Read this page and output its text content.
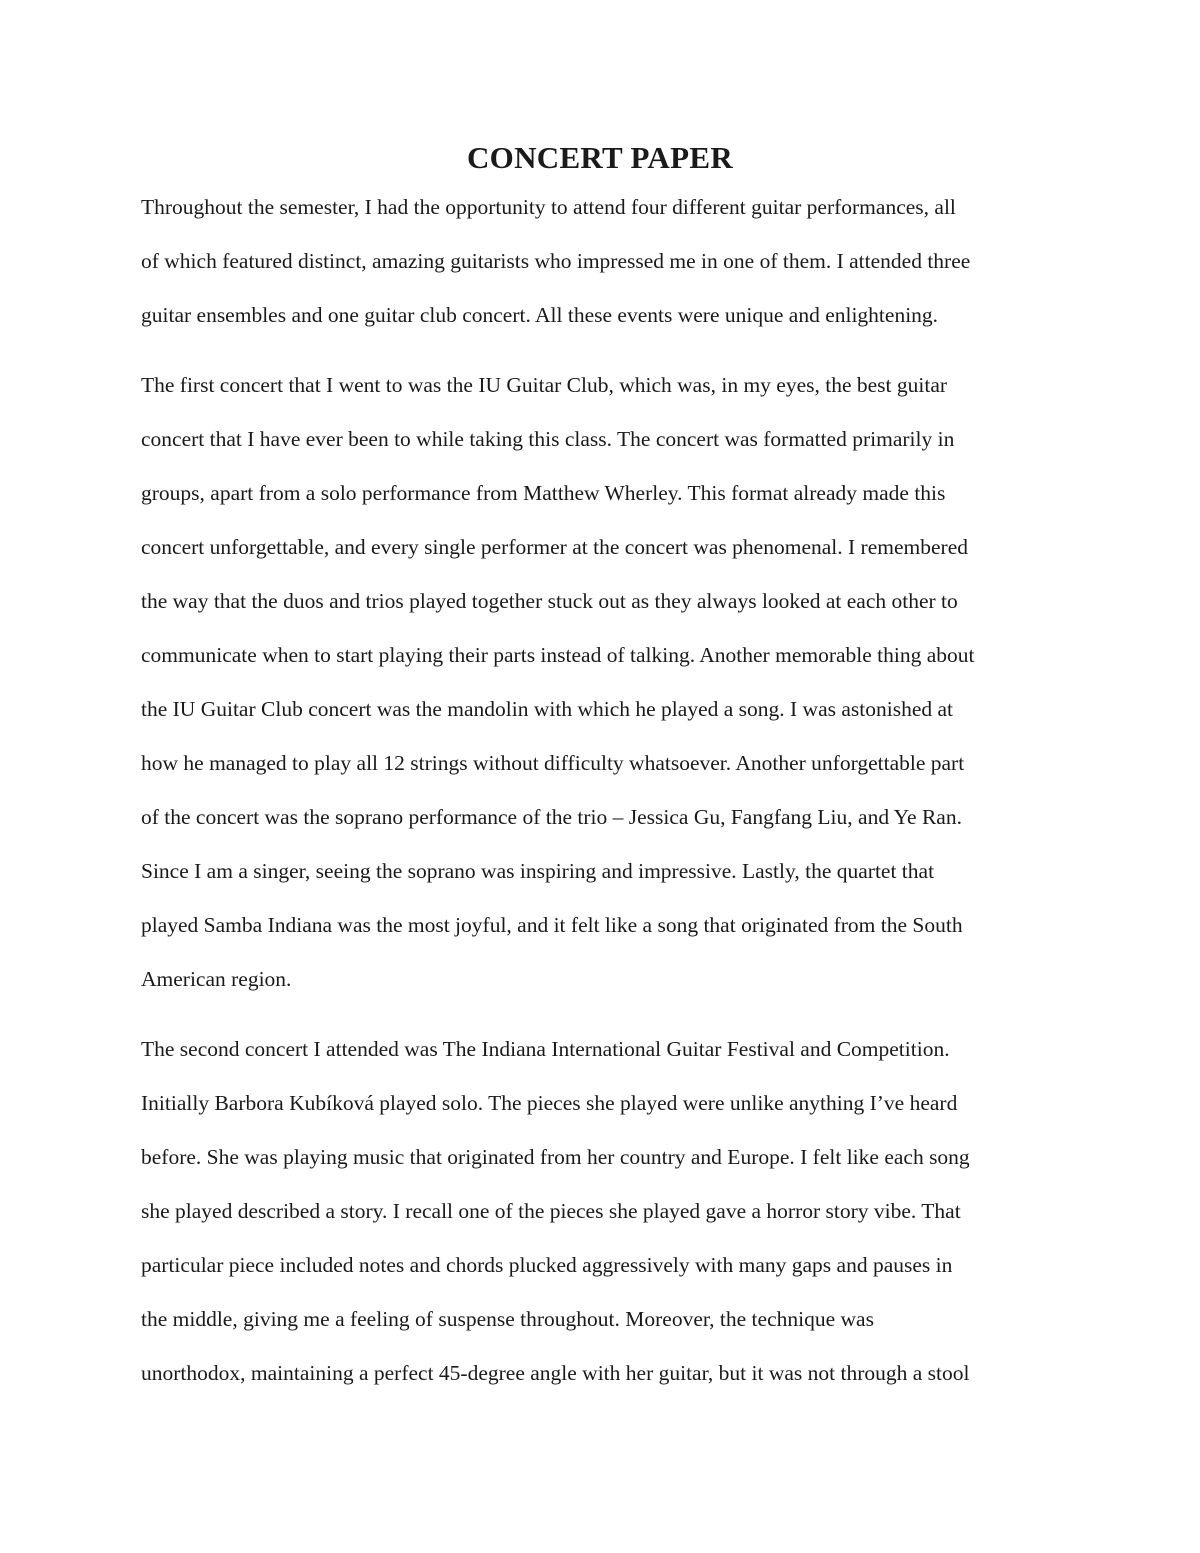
CONCERT PAPER
Throughout the semester, I had the opportunity to attend four different guitar performances, all
of which featured distinct, amazing guitarists who impressed me in one of them. I attended three
guitar ensembles and one guitar club concert. All these events were unique and enlightening.
The first concert that I went to was the IU Guitar Club, which was, in my eyes, the best guitar
concert that I have ever been to while taking this class. The concert was formatted primarily in
groups, apart from a solo performance from Matthew Wherley. This format already made this
concert unforgettable, and every single performer at the concert was phenomenal. I remembered
the way that the duos and trios played together stuck out as they always looked at each other to
communicate when to start playing their parts instead of talking. Another memorable thing about
the IU Guitar Club concert was the mandolin with which he played a song. I was astonished at
how he managed to play all 12 strings without difficulty whatsoever. Another unforgettable part
of the concert was the soprano performance of the trio – Jessica Gu, Fangfang Liu, and Ye Ran.
Since I am a singer, seeing the soprano was inspiring and impressive. Lastly, the quartet that
played Samba Indiana was the most joyful, and it felt like a song that originated from the South
American region.
The second concert I attended was The Indiana International Guitar Festival and Competition.
Initially Barbora Kubíková played solo. The pieces she played were unlike anything I’ve heard
before. She was playing music that originated from her country and Europe. I felt like each song
she played described a story. I recall one of the pieces she played gave a horror story vibe. That
particular piece included notes and chords plucked aggressively with many gaps and pauses in
the middle, giving me a feeling of suspense throughout. Moreover, the technique was
unorthodox, maintaining a perfect 45-degree angle with her guitar, but it was not through a stool
